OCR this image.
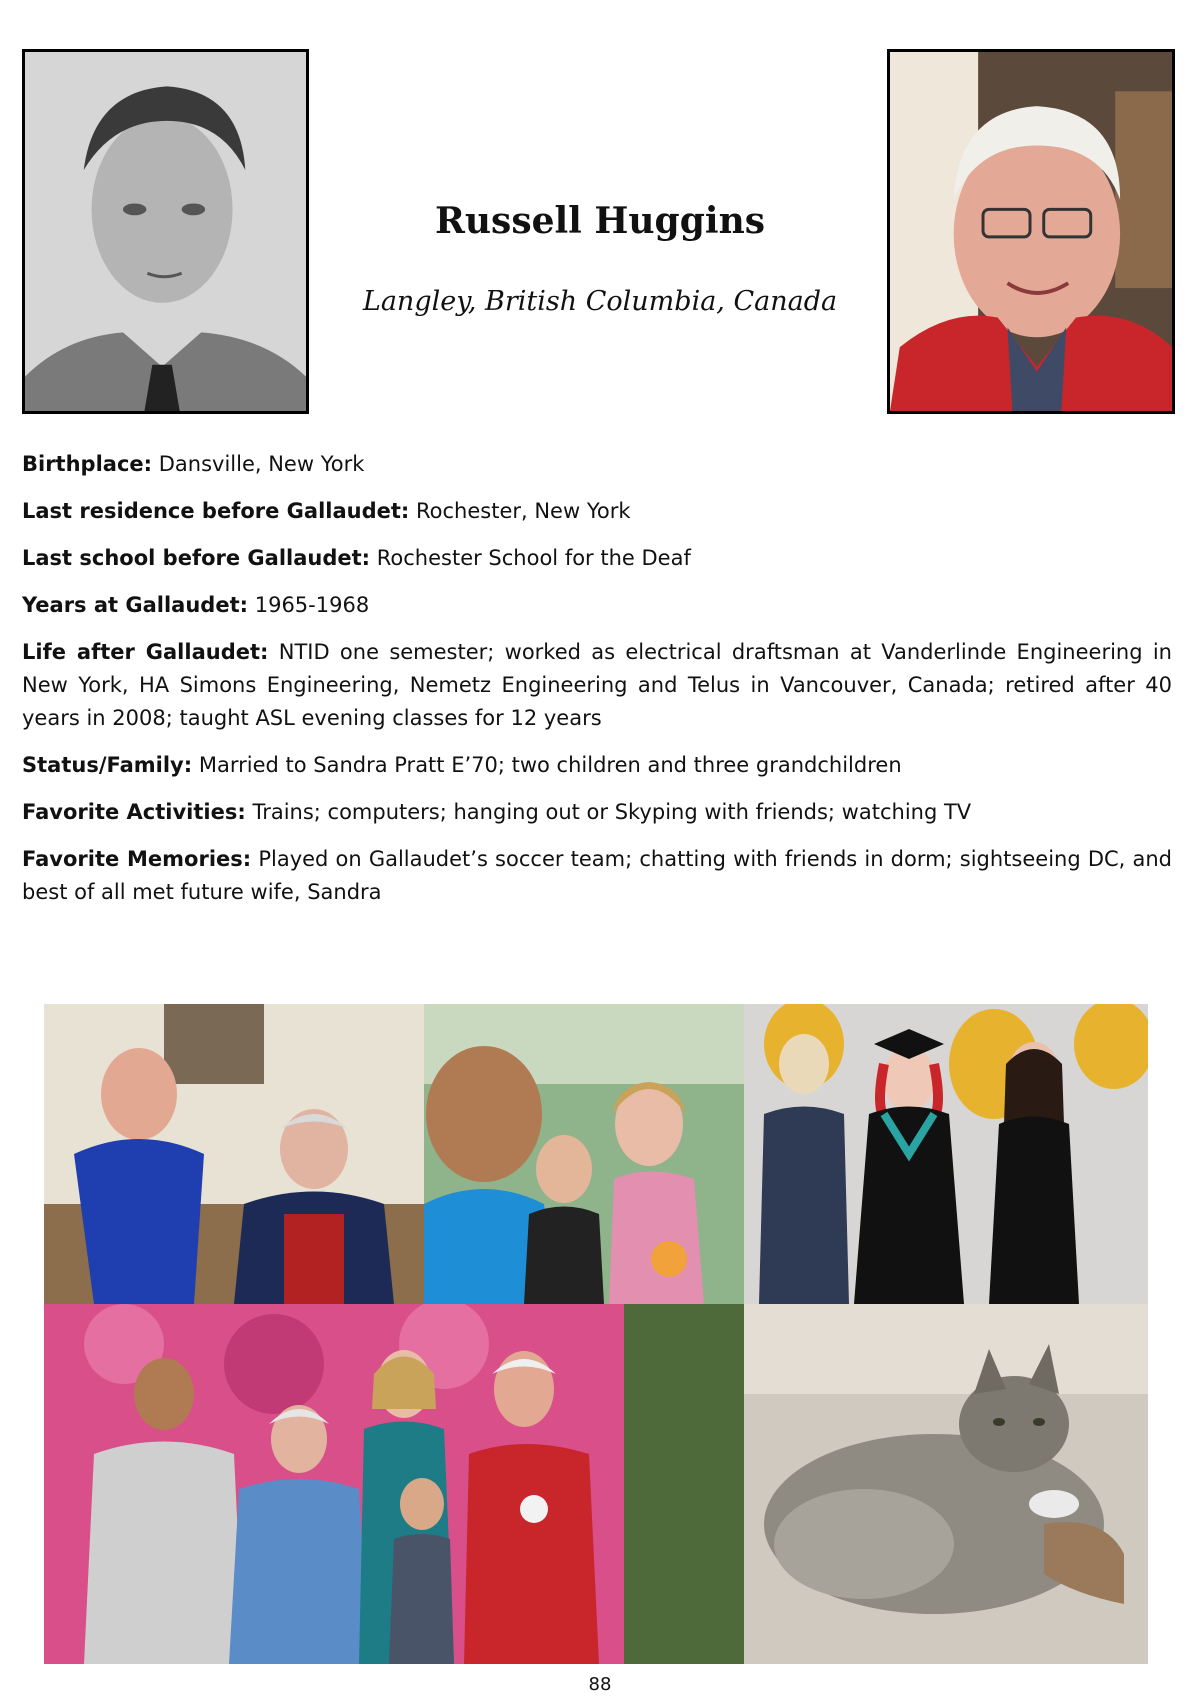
Russell Huggins

Langley, British Columbia, Canada

Birthplace: Dansville, New York

Last residence before Gallaudet: Rochester, New York

Last school before Gallaudet: Rochester School for the Deaf

Years at Gallaudet: 1965-1968

Life after Gallaudet: NTID one semester; worked as electrical draftsman at Vanderlinde Engineering in New York, HA Simons Engineering, Nemetz Engineering and Telus in Vancouver, Canada; retired after 40 years in 2008; taught ASL evening classes for 12 years

Status/Family: Married to Sandra Pratt E’70; two children and three grandchildren

Favorite Activities: Trains; computers; hanging out or Skyping with friends; watching TV

Favorite Memories: Played on Gallaudet’s soccer team; chatting with friends in dorm; sightseeing DC, and best of all met future wife, Sandra

88
